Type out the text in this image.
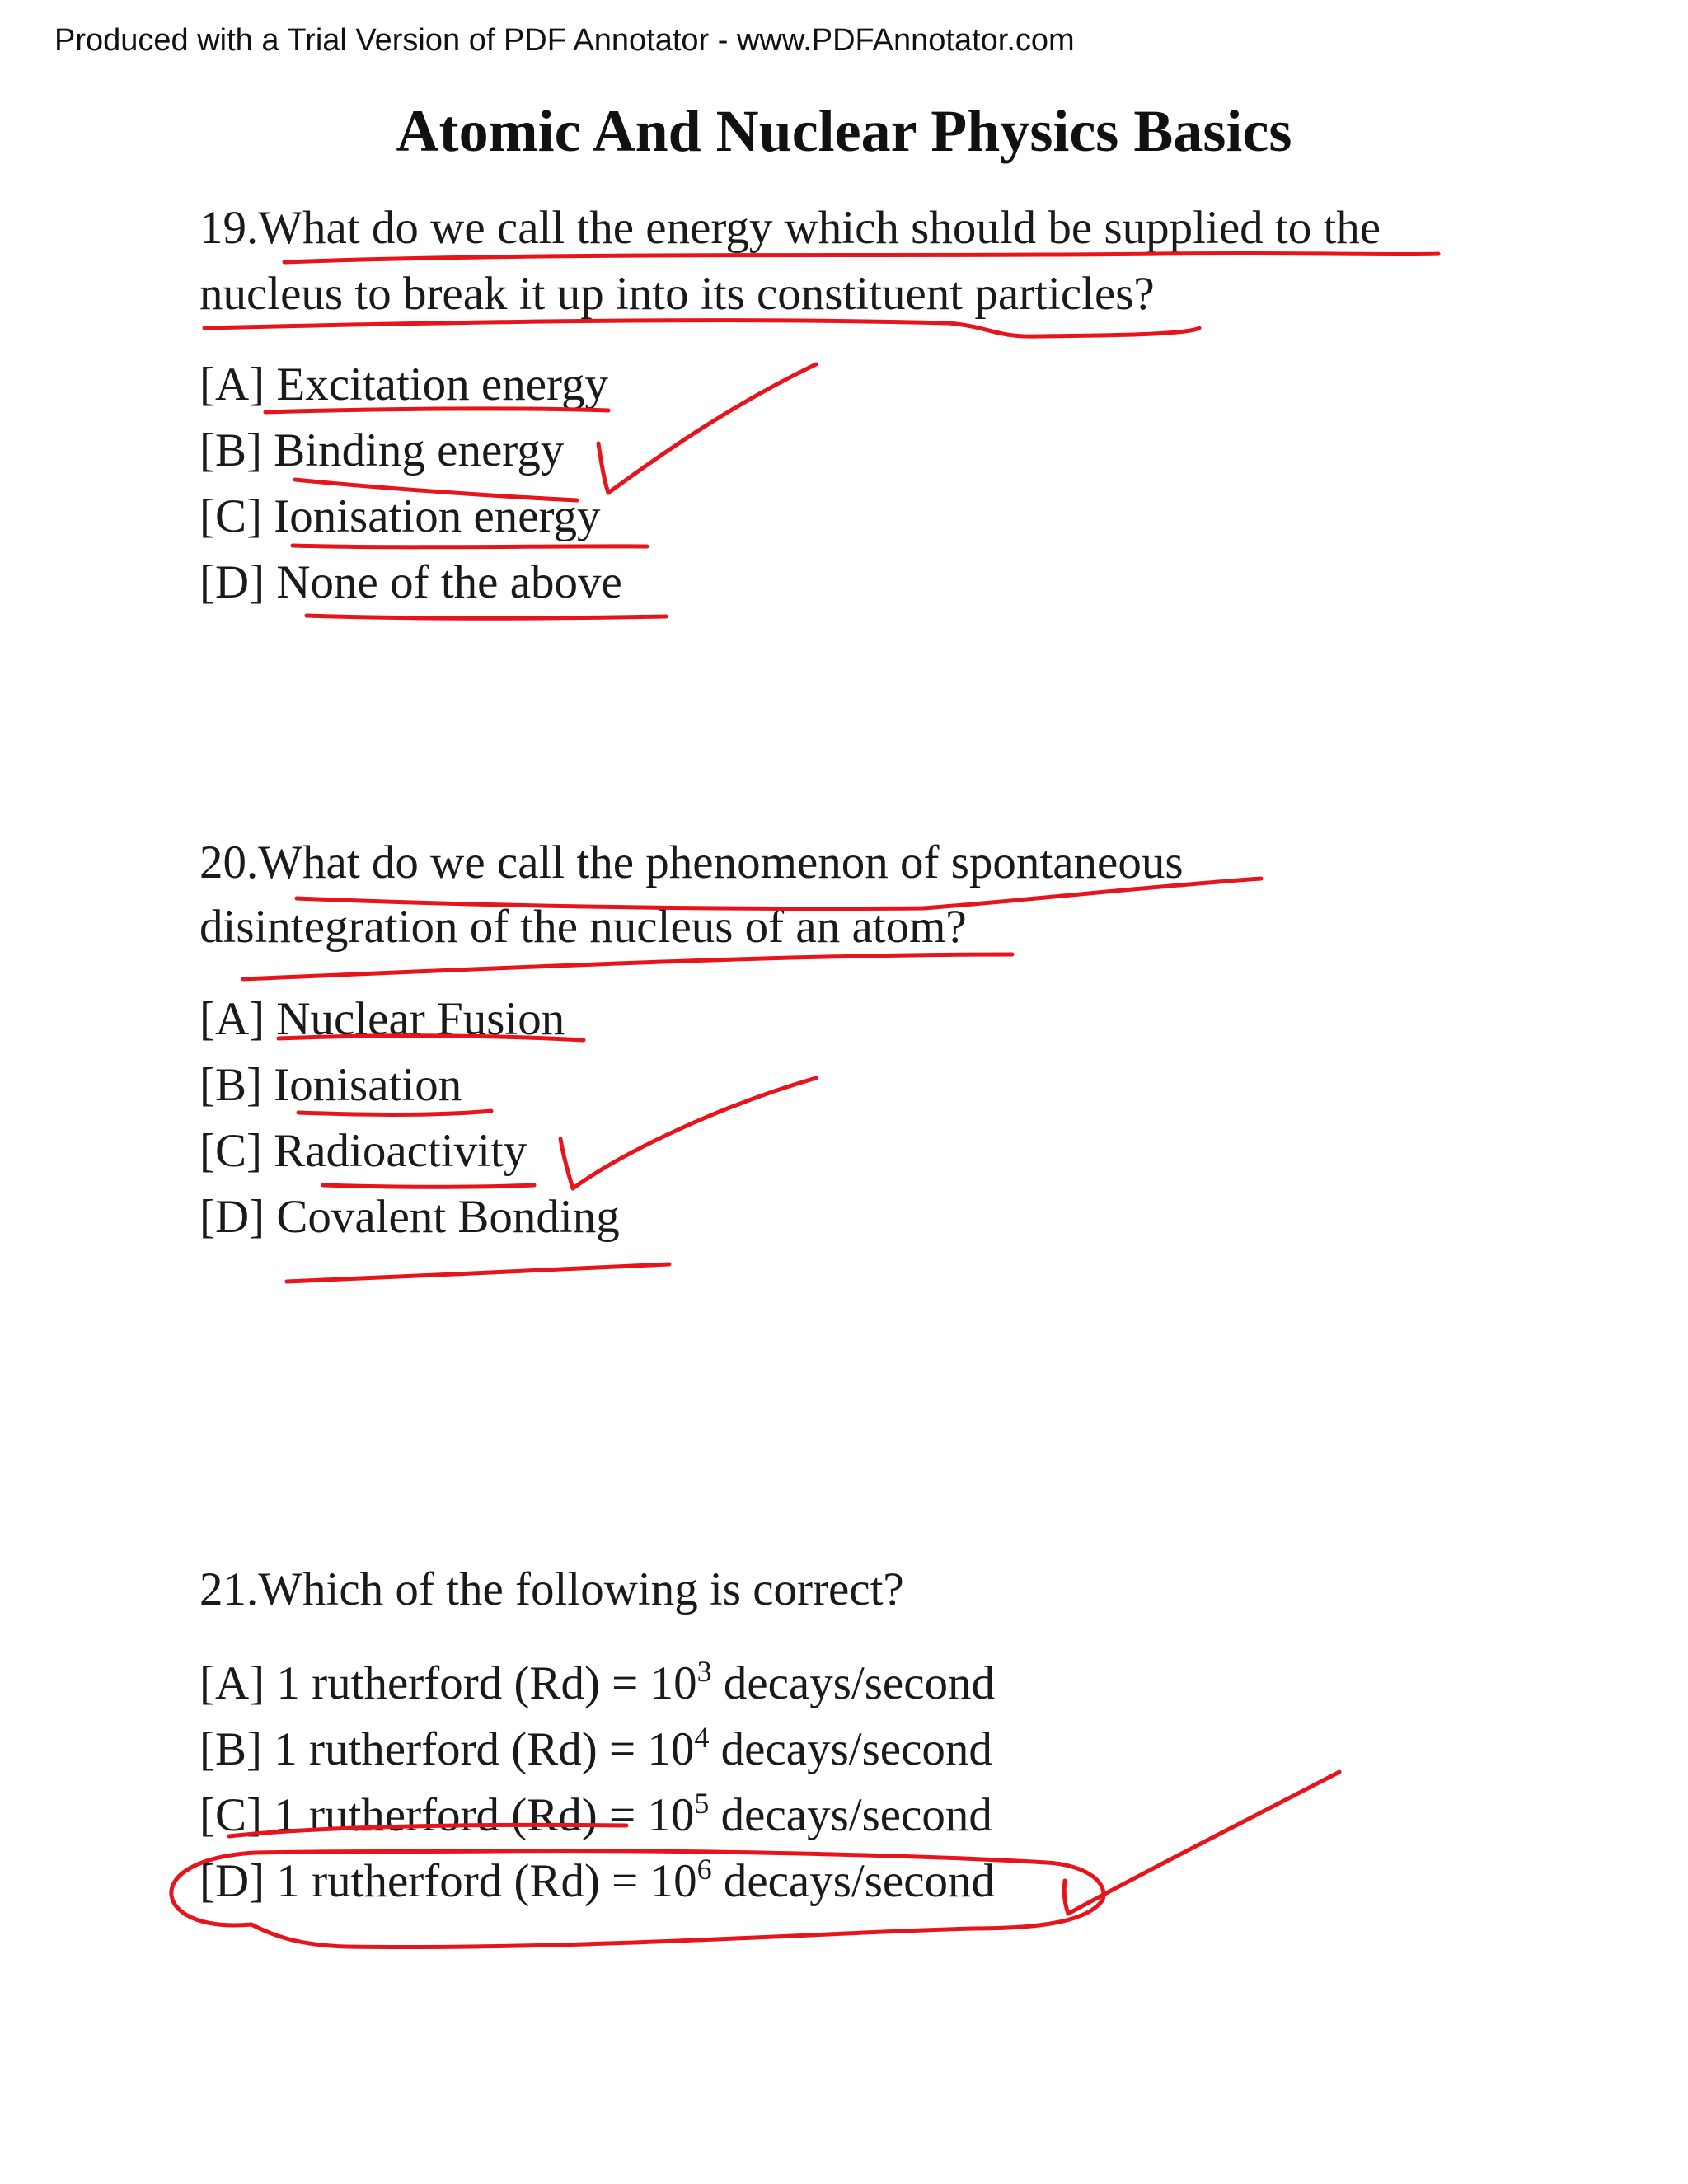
Produced with a Trial Version of PDF Annotator - www.PDFAnnotator.com
Atomic And Nuclear Physics Basics
19.What do we call the energy which should be supplied to the
nucleus to break it up into its constituent particles?
[A] Excitation energy
[B] Binding energy
[C] Ionisation energy
[D] None of the above
20.What do we call the phenomenon of spontaneous
disintegration of the nucleus of an atom?
[A] Nuclear Fusion
[B] Ionisation
[C] Radioactivity
[D] Covalent Bonding
21.Which of the following is correct?
[A] 1 rutherford $(Rd) = 10^3$ decays/second
[B] 1 rutherford $(Rd) = 10^4$ decays/second
[C] 1 rutherford $(Rd) = 10^5$ decays/second
[D] 1 rutherford $(Rd) = 10^6$ decays/second
